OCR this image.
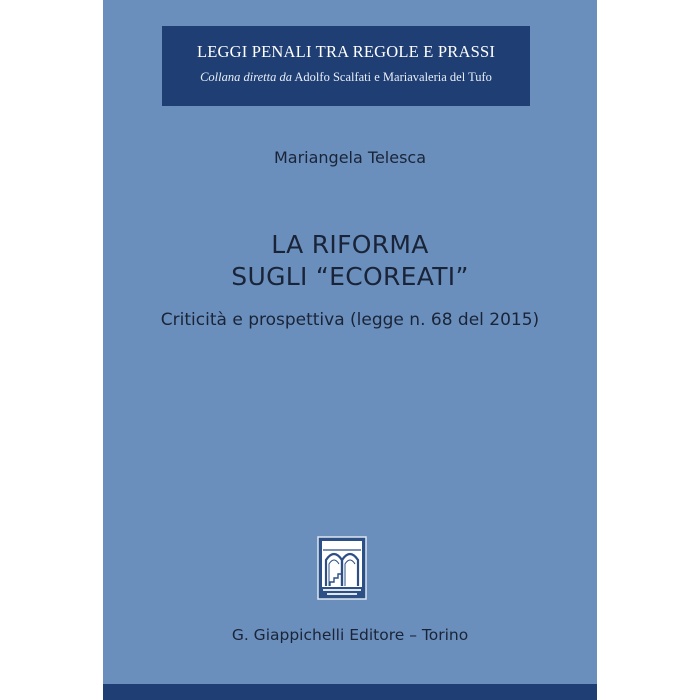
LEGGI PENALI TRA REGOLE E PRASSI
Collana diretta da Adolfo Scalfati e Mariavaleria del Tufo
Mariangela Telesca
LA RIFORMA
SUGLI “ECOREATI”
Criticità e prospettiva (legge n. 68 del 2015)
G. Giappichelli Editore – Torino
